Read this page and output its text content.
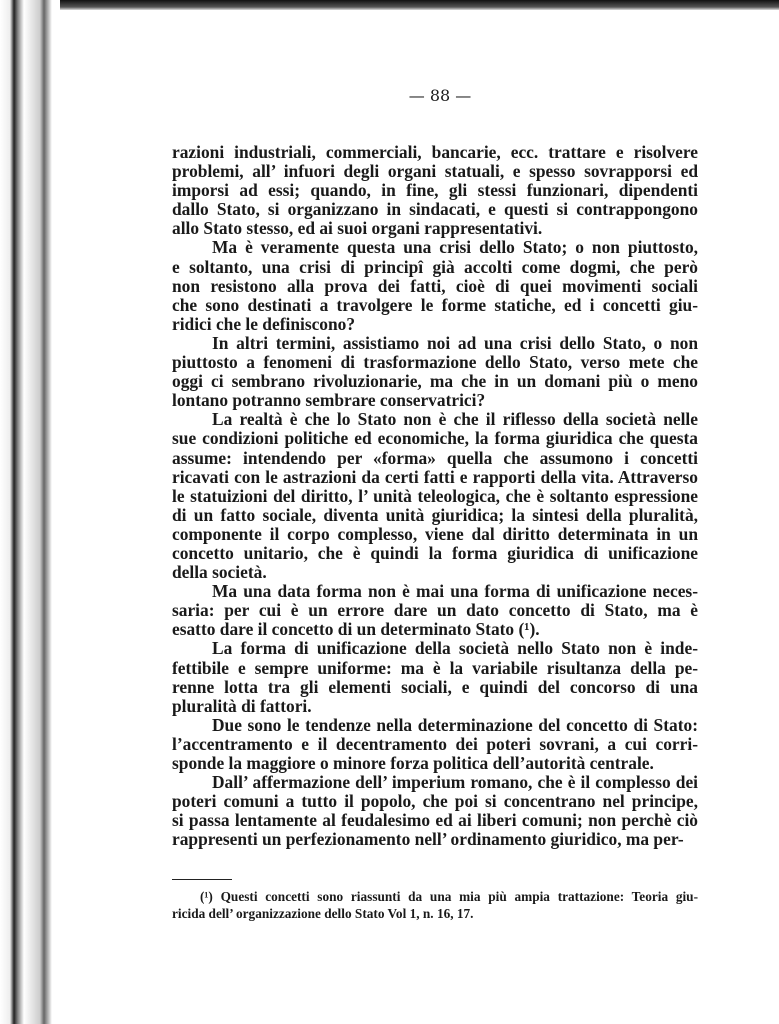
— 88 —
razioni industriali, commerciali, bancarie, ecc. trattare e risolvere
problemi, all’ infuori degli organi statuali, e spesso sovrapporsi ed
imporsi ad essi; quando, in fine, gli stessi funzionari, dipendenti
dallo Stato, si organizzano in sindacati, e questi si contrappongono
allo Stato stesso, ed ai suoi organi rappresentativi.
Ma è veramente questa una crisi dello Stato; o non piuttosto,
e soltanto, una crisi di principî già accolti come dogmi, che però
non resistono alla prova dei fatti, cioè di quei movimenti sociali
che sono destinati a travolgere le forme statiche, ed i concetti giu-
ridici che le definiscono?
In altri termini, assistiamo noi ad una crisi dello Stato, o non
piuttosto a fenomeni di trasformazione dello Stato, verso mete che
oggi ci sembrano rivoluzionarie, ma che in un domani più o meno
lontano potranno sembrare conservatrici?
La realtà è che lo Stato non è che il riflesso della società nelle
sue condizioni politiche ed economiche, la forma giuridica che questa
assume: intendendo per «forma» quella che assumono i concetti
ricavati con le astrazioni da certi fatti e rapporti della vita. Attraverso
le statuizioni del diritto, l’ unità teleologica, che è soltanto espressione
di un fatto sociale, diventa unità giuridica; la sintesi della pluralità,
componente il corpo complesso, viene dal diritto determinata in un
concetto unitario, che è quindi la forma giuridica di unificazione
della società.
Ma una data forma non è mai una forma di unificazione neces-
saria: per cui è un errore dare un dato concetto di Stato, ma è
esatto dare il concetto di un determinato Stato (¹).
La forma di unificazione della società nello Stato non è inde-
fettibile e sempre uniforme: ma è la variabile risultanza della pe-
renne lotta tra gli elementi sociali, e quindi del concorso di una
pluralità di fattori.
Due sono le tendenze nella determinazione del concetto di Stato:
l’accentramento e il decentramento dei poteri sovrani, a cui corri-
sponde la maggiore o minore forza politica dell’autorità centrale.
Dall’ affermazione dell’ imperium romano, che è il complesso dei
poteri comuni a tutto il popolo, che poi si concentrano nel principe,
si passa lentamente al feudalesimo ed ai liberi comuni; non perchè ciò
rappresenti un perfezionamento nell’ ordinamento giuridico, ma per-
(¹) Questi concetti sono riassunti da una mia più ampia trattazione: Teoria giu-
ricida dell’ organizzazione dello Stato Vol 1, n. 16, 17.
